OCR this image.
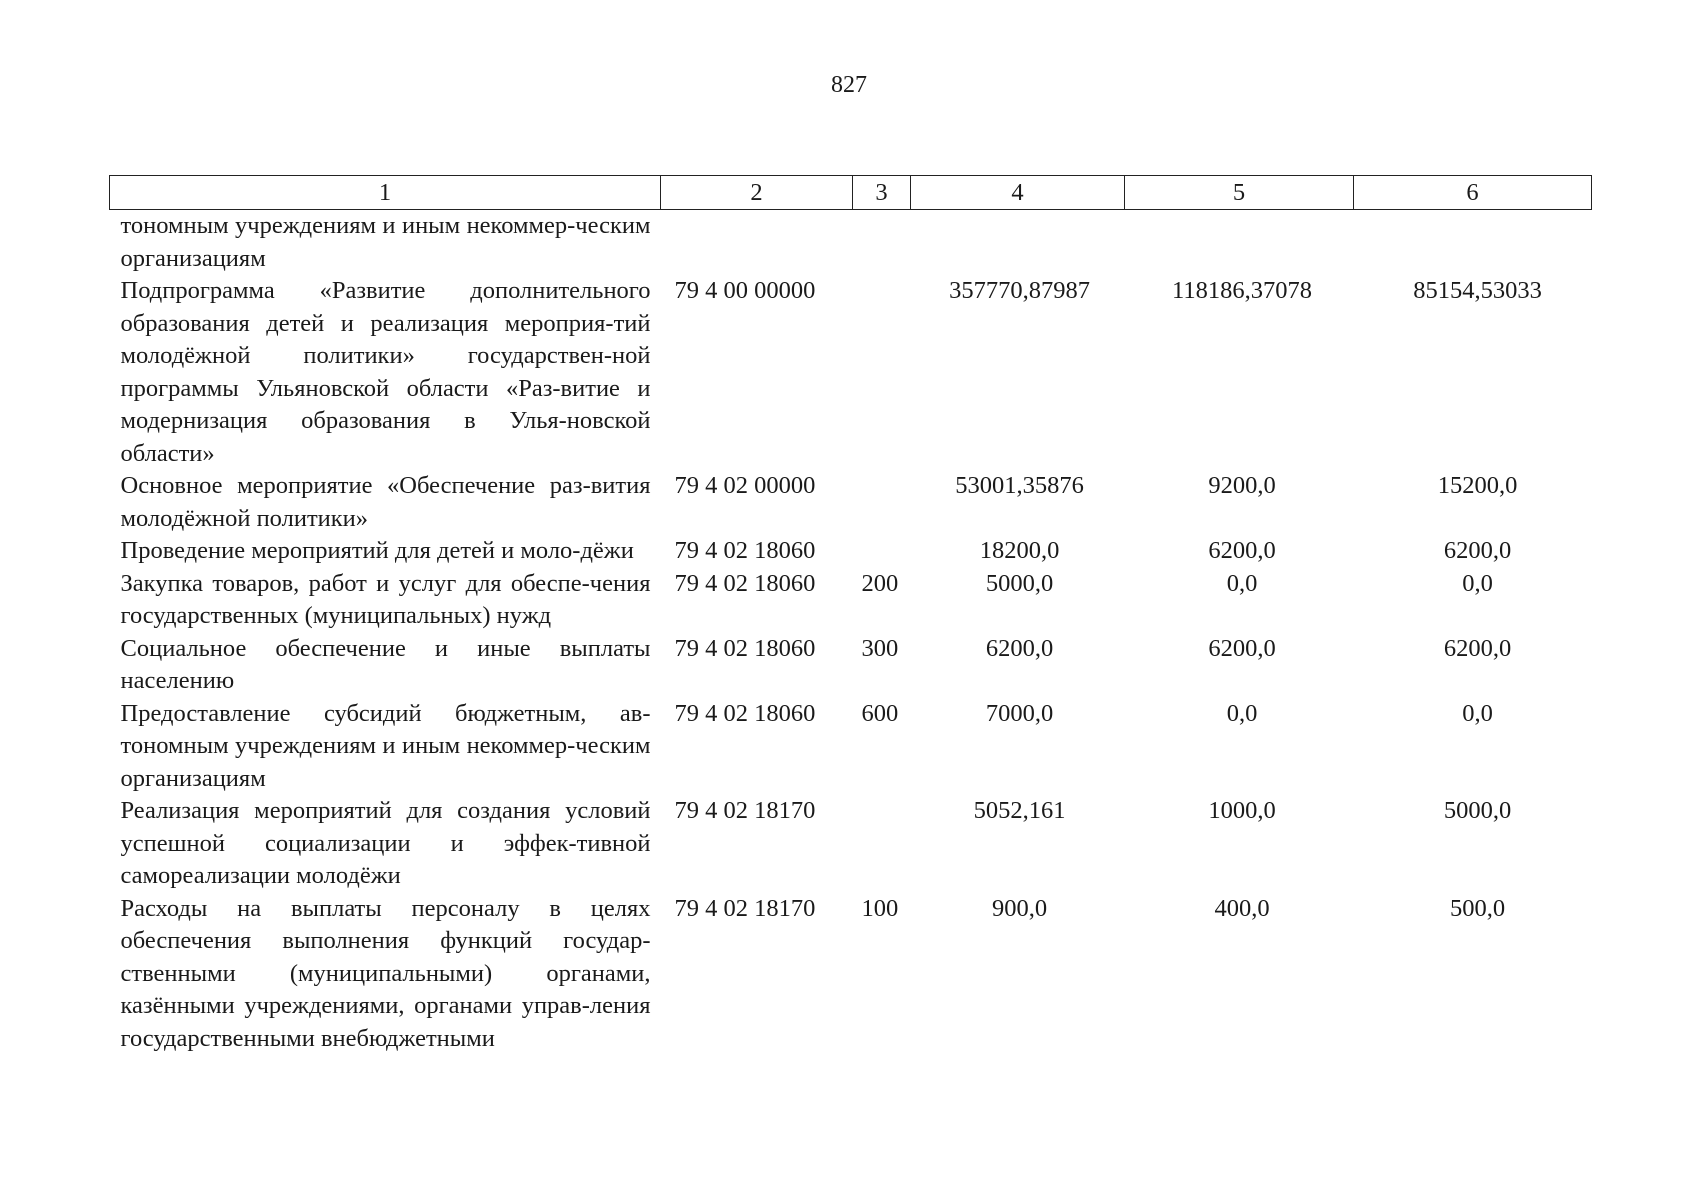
827
1	2	3	4	5	6
тономным учреждениям и иным некоммер-ческим организациям					
Подпрограмма «Развитие дополнительного образования детей и реализация мероприя-тий молодёжной политики» государствен-ной программы Ульяновской области «Раз-витие и модернизация образования в Улья-новской области»	79 4 00 00000		357770,87987	118186,37078	85154,53033
Основное мероприятие «Обеспечение раз-вития молодёжной политики»	79 4 02 00000		53001,35876	9200,0	15200,0
Проведение мероприятий для детей и моло-дёжи	79 4 02 18060		18200,0	6200,0	6200,0
Закупка товаров, работ и услуг для обеспе-чения государственных (муниципальных) нужд	79 4 02 18060	200	5000,0	0,0	0,0
Социальное обеспечение и иные выплаты населению	79 4 02 18060	300	6200,0	6200,0	6200,0
Предоставление субсидий бюджетным, ав-тономным учреждениям и иным некоммер-ческим организациям	79 4 02 18060	600	7000,0	0,0	0,0
Реализация мероприятий для создания условий успешной социализации и эффек-тивной самореализации молодёжи	79 4 02 18170		5052,161	1000,0	5000,0
Расходы на выплаты персоналу в целях обеспечения выполнения функций государ-ственными (муниципальными) органами, казёнными учреждениями, органами управ-ления государственными внебюджетными	79 4 02 18170	100	900,0	400,0	500,0
